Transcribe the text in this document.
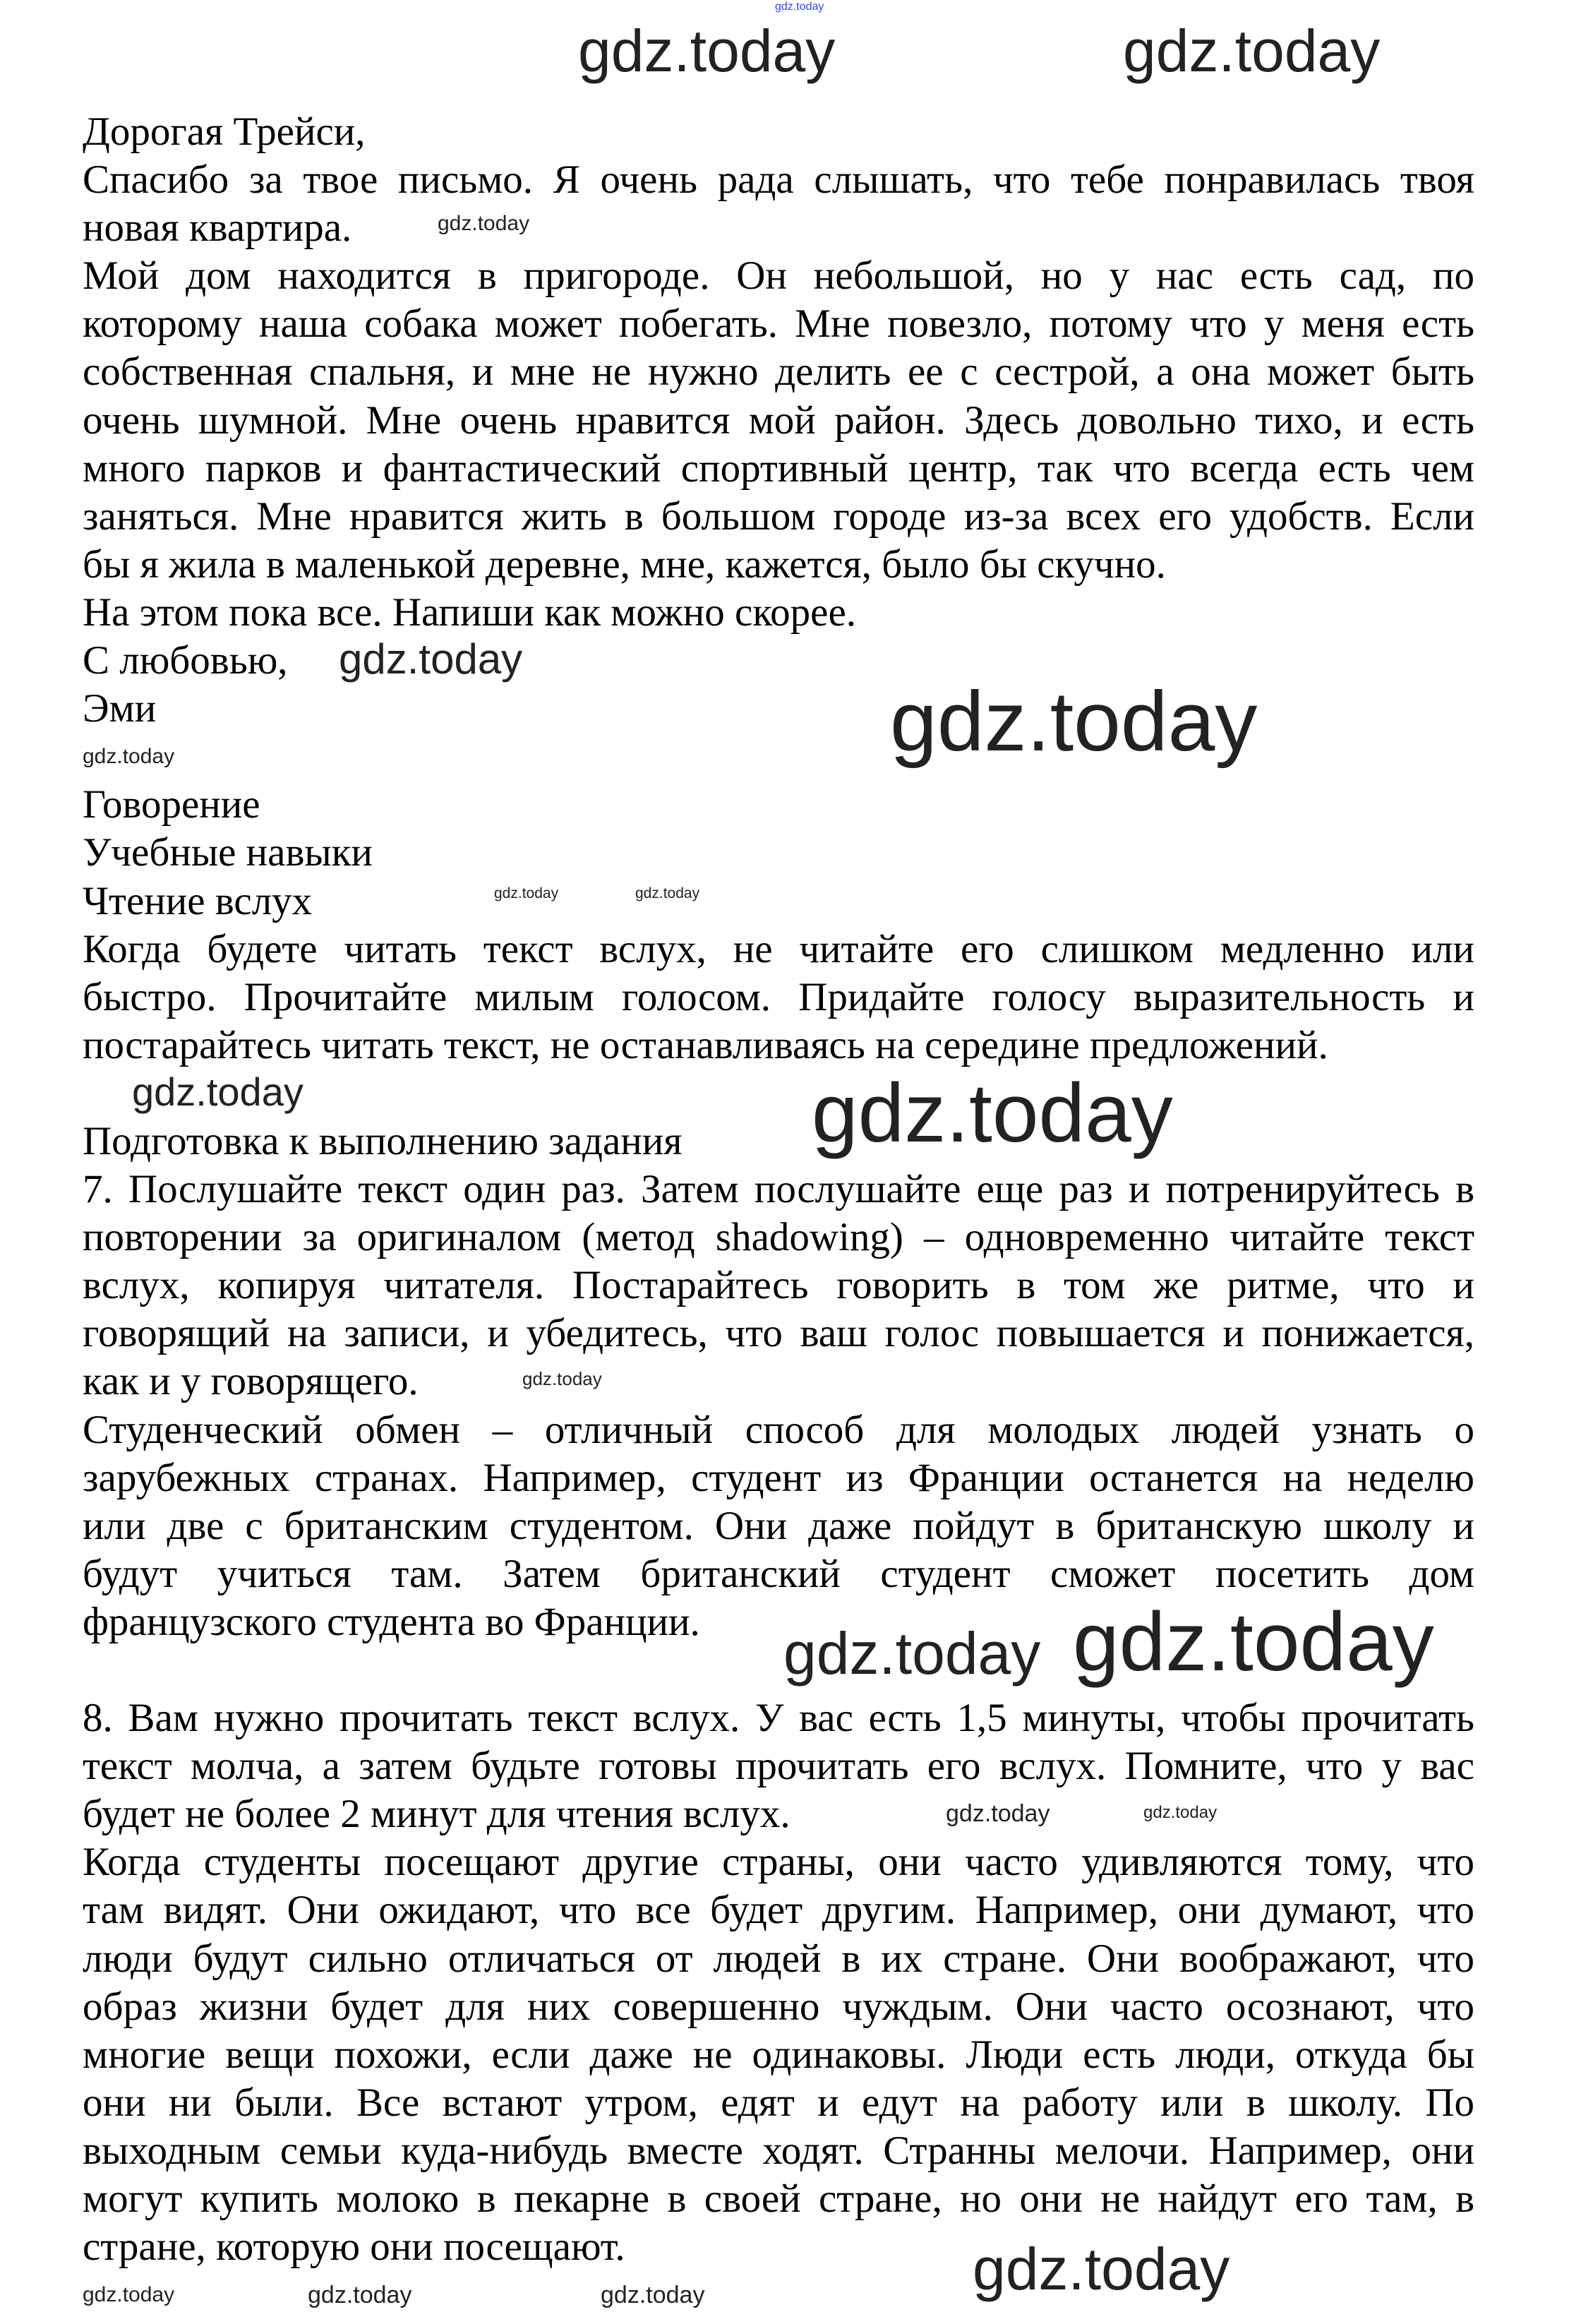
Дорогая Трейси,
Спасибо за твое письмо. Я очень рада слышать, что тебе понравилась твоя
новая квартира.
Мой дом находится в пригороде. Он небольшой, но у нас есть сад, по
которому наша собака может побегать. Мне повезло, потому что у меня есть
собственная спальня, и мне не нужно делить ее с сестрой, а она может быть
очень шумной. Мне очень нравится мой район. Здесь довольно тихо, и есть
много парков и фантастический спортивный центр, так что всегда есть чем
заняться. Мне нравится жить в большом городе из-за всех его удобств. Если
бы я жила в маленькой деревне, мне, кажется, было бы скучно.
На этом пока все. Напиши как можно скорее.
С любовью,
Эми
Говорение
Учебные навыки
Чтение вслух
Когда будете читать текст вслух, не читайте его слишком медленно или
быстро. Прочитайте милым голосом. Придайте голосу выразительность и
постарайтесь читать текст, не останавливаясь на середине предложений.
Подготовка к выполнению задания
7. Послушайте текст один раз. Затем послушайте еще раз и потренируйтесь в
повторении за оригиналом (метод shadowing) – одновременно читайте текст
вслух, копируя читателя. Постарайтесь говорить в том же ритме, что и
говорящий на записи, и убедитесь, что ваш голос повышается и понижается,
как и у говорящего.
Студенческий обмен – отличный способ для молодых людей узнать о
зарубежных странах. Например, студент из Франции останется на неделю
или две с британским студентом. Они даже пойдут в британскую школу и
будут учиться там. Затем британский студент сможет посетить дом
французского студента во Франции.
8. Вам нужно прочитать текст вслух. У вас есть 1,5 минуты, чтобы прочитать
текст молча, а затем будьте готовы прочитать его вслух. Помните, что у вас
будет не более 2 минут для чтения вслух.
Когда студенты посещают другие страны, они часто удивляются тому, что
там видят. Они ожидают, что все будет другим. Например, они думают, что
люди будут сильно отличаться от людей в их стране. Они воображают, что
образ жизни будет для них совершенно чуждым. Они часто осознают, что
многие вещи похожи, если даже не одинаковы. Люди есть люди, откуда бы
они ни были. Все встают утром, едят и едут на работу или в школу. По
выходным семьи куда-нибудь вместе ходят. Странны мелочи. Например, они
могут купить молоко в пекарне в своей стране, но они не найдут его там, в
стране, которую они посещают.
gdz.today
gdz.today	gdz.today
gdz.today
gdz.today	gdz.today
gdz.today
gdz.today	gdz.today
gdz.today	gdz.today
gdz.today
gdz.today
gdz.today
gdz.today	gdz.today
gdz.today	gdz.today	gdz.today	gdz.today
